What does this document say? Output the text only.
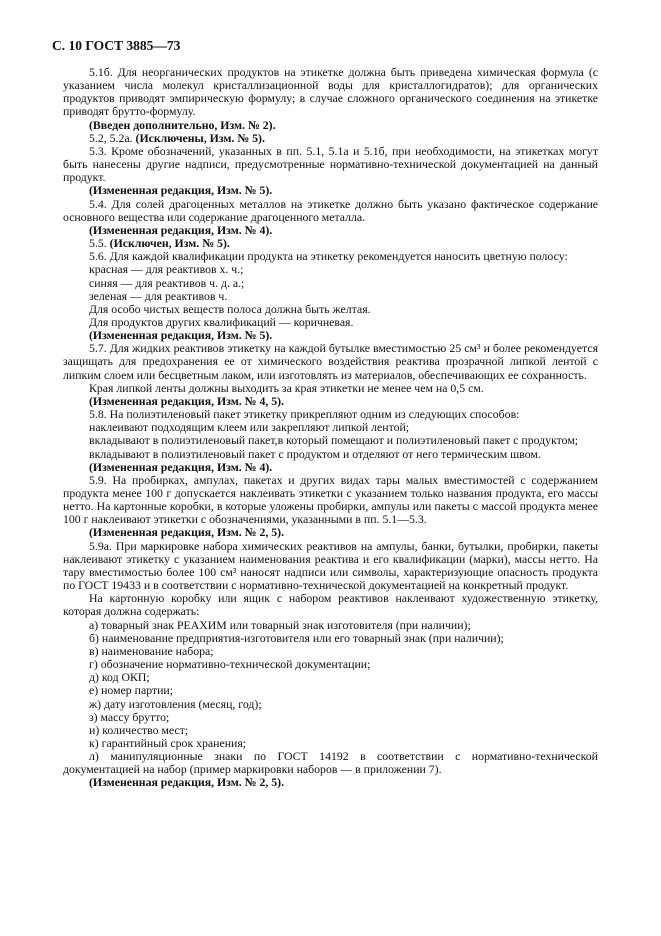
С. 10 ГОСТ 3885—73

5.1б. Для неорганических продуктов на этикетке должна быть приведена химическая формула (с указанием числа молекул кристаллизационной воды для кристаллогидратов); для органических продуктов приводят эмпирическую формулу; в случае сложного органического соединения на этикетке приводят брутто-формулу.

(Введен дополнительно, Изм. № 2).

5.2, 5.2а. (Исключены, Изм. № 5).

5.3. Кроме обозначений, указанных в пп. 5.1, 5.1а и 5.1б, при необходимости, на этикетках могут быть нанесены другие надписи, предусмотренные нормативно-технической документацией на данный продукт.

(Измененная редакция, Изм. № 5).

5.4. Для солей драгоценных металлов на этикетке должно быть указано фактическое содержание основного вещества или содержание драгоценного металла.

(Измененная редакция, Изм. № 4).

5.5. (Исключен, Изм. № 5).

5.6. Для каждой квалификации продукта на этикетку рекомендуется наносить цветную полосу:

красная — для реактивов х. ч.;

синяя — для реактивов ч. д. а.;

зеленая — для реактивов ч.

Для особо чистых веществ полоса должна быть желтая.

Для продуктов других квалификаций — коричневая.

(Измененная редакция, Изм. № 5).

5.7. Для жидких реактивов этикетку на каждой бутылке вместимостью 25 см³ и более рекомендуется защищать для предохранения ее от химического воздействия реактива прозрачной липкой лентой с липким слоем или бесцветным лаком, или изготовлять из материалов, обеспечивающих ее сохранность.

Края липкой ленты должны выходить за края этикетки не менее чем на 0,5 см.

(Измененная редакция, Изм. № 4, 5).

5.8. На полиэтиленовый пакет этикетку прикрепляют одним из следующих способов:

наклеивают подходящим клеем или закрепляют липкой лентой;

вкладывают в полиэтиленовый пакет,в который помещают и полиэтиленовый пакет с продуктом;

вкладывают в полиэтиленовый пакет с продуктом и отделяют от него термическим швом.

(Измененная редакция, Изм. № 4).

5.9. На пробирках, ампулах, пакетах и других видах тары малых вместимостей с содержанием продукта менее 100 г допускается наклеивать этикетки с указанием только названия продукта, его массы нетто. На картонные коробки, в которые уложены пробирки, ампулы или пакеты с массой продукта менее 100 г наклеивают этикетки с обозначениями, указанными в пп. 5.1—5.3.

(Измененная редакция, Изм. № 2, 5).

5.9а. При маркировке набора химических реактивов на ампулы, банки, бутылки, пробирки, пакеты наклеивают этикетку с указанием наименования реактива и его квалификации (марки), массы нетто. На тару вместимостью более 100 см³ наносят надписи или символы, характеризующие опасность продукта по ГОСТ 19433 и в соответствии с нормативно-технической документацией на конкретный продукт.

На картонную коробку или ящик с набором реактивов наклеивают художественную этикетку, которая должна содержать:

а) товарный знак РЕАХИМ или товарный знак изготовителя (при наличии);

б) наименование предприятия-изготовителя или его товарный знак (при наличии);

в) наименование набора;

г) обозначение нормативно-технической документации;

д) код ОКП;

е) номер партии;

ж) дату изготовления (месяц, год);

з) массу брутто;

и) количество мест;

к) гарантийный срок хранения;

л) манипуляционные знаки по ГОСТ 14192 в соответствии с нормативно-технической документацией на набор (пример маркировки наборов — в приложении 7).

(Измененная редакция, Изм. № 2, 5).
